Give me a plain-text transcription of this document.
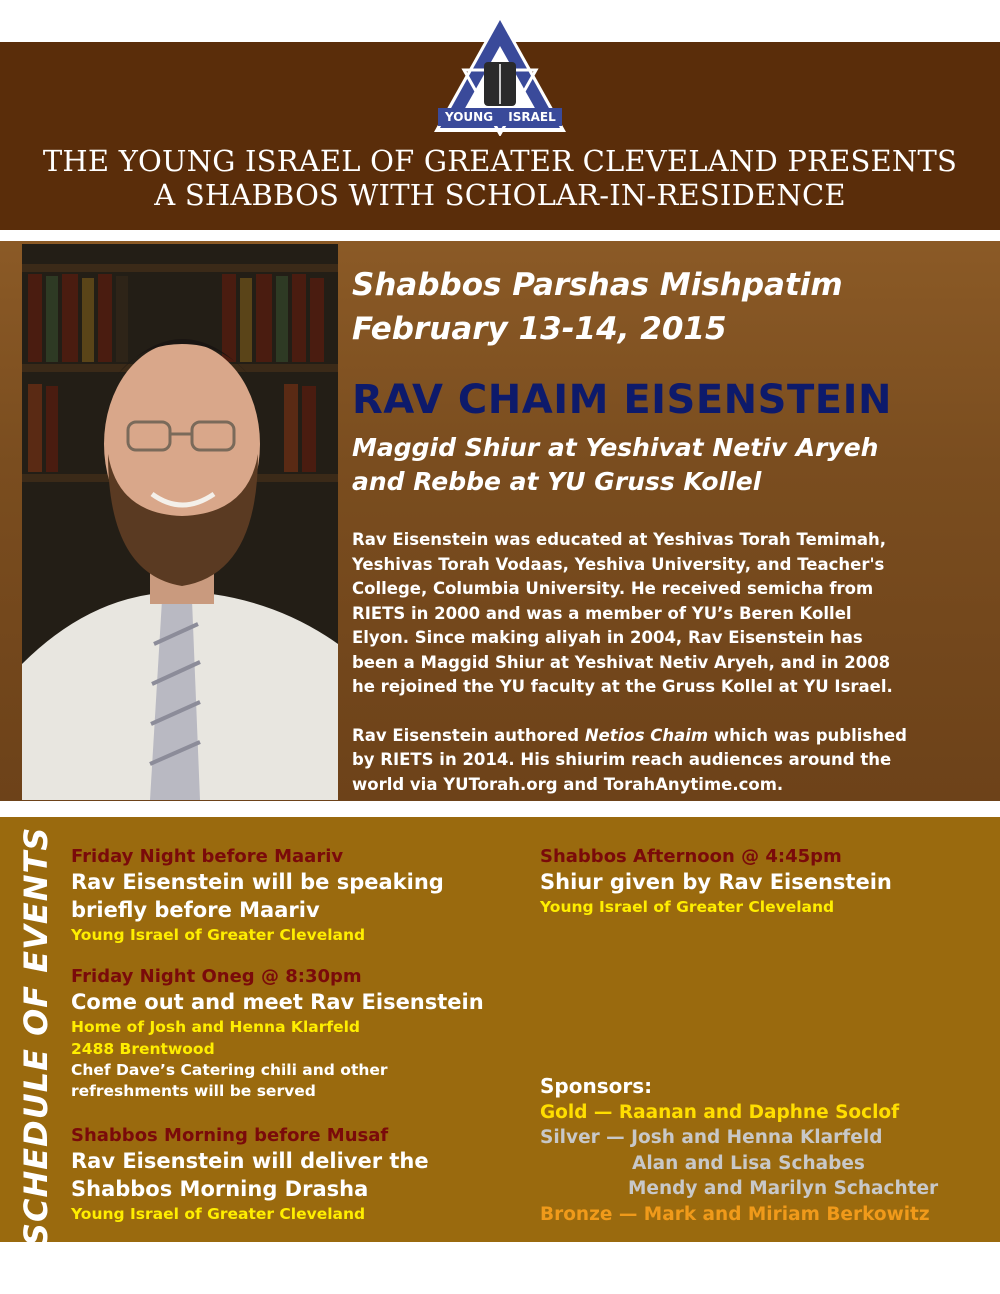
YOUNG ISRAEL
THE YOUNG ISRAEL OF GREATER CLEVELAND PRESENTS
A SHABBOS WITH SCHOLAR-IN-RESIDENCE
Shabbos Parshas Mishpatim
February 13-14, 2015
RAV CHAIM EISENSTEIN
Maggid Shiur at Yeshivat Netiv Aryeh
and Rebbe at YU Gruss Kollel

Rav Eisenstein was educated at Yeshivas Torah Temimah,

Yeshivas Torah Vodaas, Yeshiva University, and Teacher's

College, Columbia University. He received semicha from

RIETS in 2000 and was a member of YU’s Beren Kollel

Elyon. Since making aliyah in 2004, Rav Eisenstein has

been a Maggid Shiur at Yeshivat Netiv Aryeh, and in 2008

he rejoined the YU faculty at the Gruss Kollel at YU Israel.

Rav Eisenstein authored Netios Chaim which was published

by RIETS in 2014. His shiurim reach audiences around the

world via YUTorah.org and TorahAnytime.com.

SCHEDULE OF EVENTS Friday Night before Maariv
Rav Eisenstein will be speaking
briefly before Maariv
Young Israel of Greater Cleveland
Friday Night Oneg @ 8:30pm
Come out and meet Rav Eisenstein
Home of Josh and Henna Klarfeld
2488 Brentwood
Chef Dave’s Catering chili and other
refreshments will be served
Shabbos Morning before Musaf
Rav Eisenstein will deliver the
Shabbos Morning Drasha
Young Israel of Greater Cleveland
Shabbos Afternoon @ 4:45pm
Shiur given by Rav Eisenstein
Young Israel of Greater Cleveland
Sponsors:
Gold — Raanan and Daphne Soclof
Silver — Josh and Henna Klarfeld
Alan and Lisa Schabes
Mendy and Marilyn Schachter
Bronze — Mark and Miriam Berkowitz
